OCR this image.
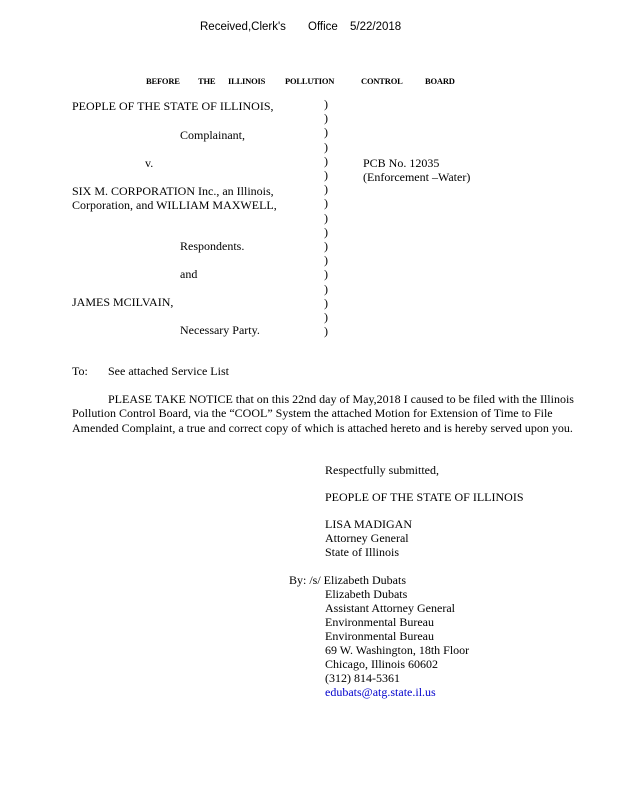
Received,Clerk's Office 5/22/2018
BEFORE THE ILLINOIS POLLUTION	CONTROL	BOARD
PEOPLE OF THE STATE OF ILLINOIS,
Complainant,
v.
SIX M. CORPORATION Inc., an Illinois,
Corporation, and WILLIAM MAXWELL,
Respondents.
and
JAMES MCILVAIN,
Necessary Party.
)
)
)
)
)
)
)
)
)
)
)
)
)
)
)
)
)
PCB No. 12035
(Enforcement –Water)
To: See attached Service List
PLEASE TAKE NOTICE that on this 22nd day of May,2018 I caused to be filed with the Illinois Pollution Control Board, via the “COOL” System the attached Motion for Extension of Time to File Amended Complaint, a true and correct copy of which is attached hereto and is hereby served upon you.
Respectfully submitted,
PEOPLE OF THE STATE OF ILLINOIS
LISA MADIGAN
Attorney General
State of Illinois
By: /s/ Elizabeth Dubats
Elizabeth Dubats
Assistant Attorney General
Environmental Bureau
Environmental Bureau
69 W. Washington, 18th Floor
Chicago, Illinois 60602
(312) 814-5361
edubats@atg.state.il.us
